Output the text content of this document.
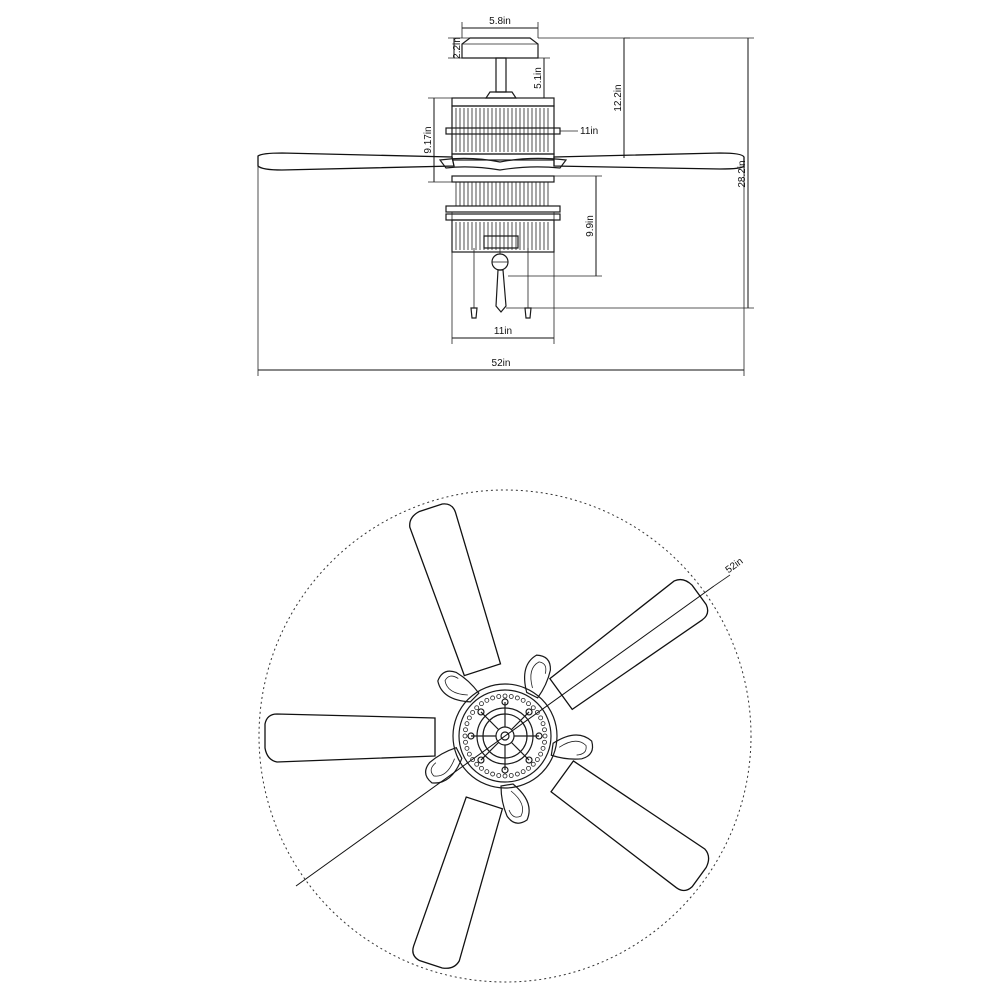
5.8in
2.2in
5.1in
12.2in
28.2in
9.17in	11in
9.9in
11in
52in
52in
